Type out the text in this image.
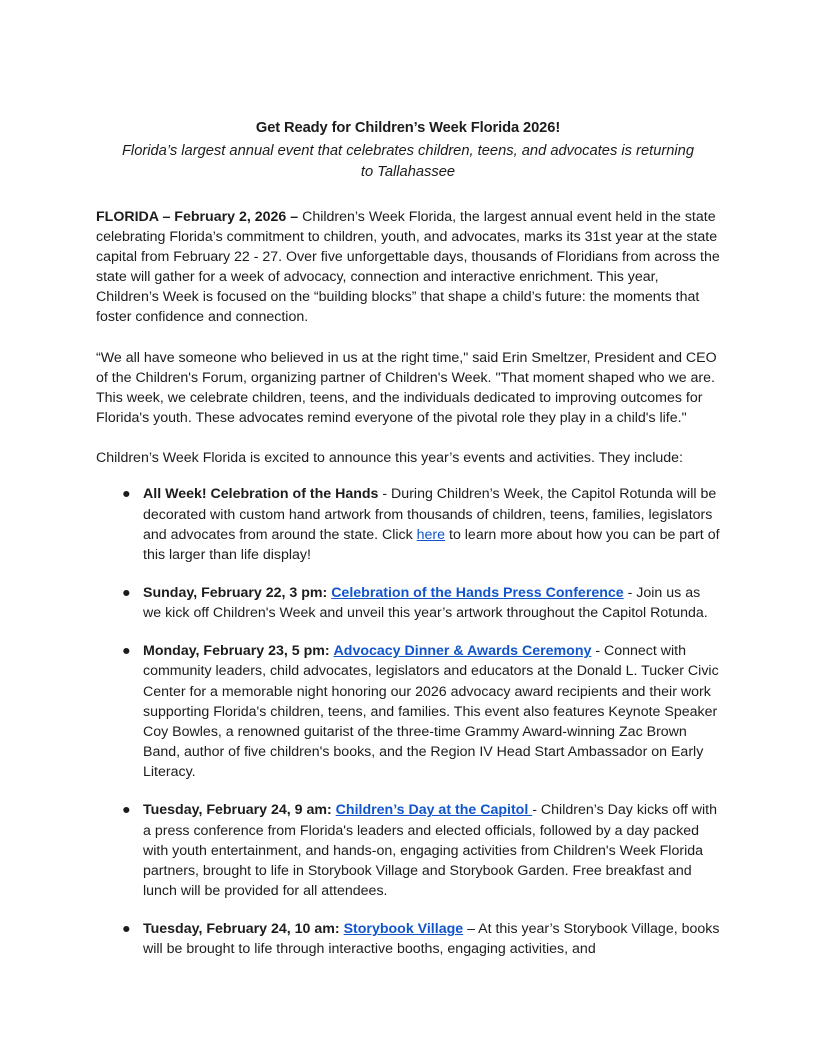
Get Ready for Children’s Week Florida 2026!
Florida’s largest annual event that celebrates children, teens, and advocates is returning to Tallahassee

FLORIDA – February 2, 2026 – Children’s Week Florida, the largest annual event held in the state celebrating Florida’s commitment to children, youth, and advocates, marks its 31st year at the state capital from February 22 - 27. Over five unforgettable days, thousands of Floridians from across the state will gather for a week of advocacy, connection and interactive enrichment. This year, Children’s Week is focused on the “building blocks” that shape a child’s future: the moments that foster confidence and connection.

“We all have someone who believed in us at the right time," said Erin Smeltzer, President and CEO of the Children's Forum, organizing partner of Children's Week. "That moment shaped who we are. This week, we celebrate children, teens, and the individuals dedicated to improving outcomes for Florida's youth. These advocates remind everyone of the pivotal role they play in a child's life."

Children’s Week Florida is excited to announce this year’s events and activities. They include:

● All Week! Celebration of the Hands - During Children’s Week, the Capitol Rotunda will be decorated with custom hand artwork from thousands of children, teens, families, legislators and advocates from around the state. Click here to learn more about how you can be part of this larger than life display!
● Sunday, February 22, 3 pm: Celebration of the Hands Press Conference - Join us as we kick off Children's Week and unveil this year’s artwork throughout the Capitol Rotunda.
● Monday, February 23, 5 pm: Advocacy Dinner & Awards Ceremony - Connect with community leaders, child advocates, legislators and educators at the Donald L. Tucker Civic Center for a memorable night honoring our 2026 advocacy award recipients and their work supporting Florida's children, teens, and families. This event also features Keynote Speaker Coy Bowles, a renowned guitarist of the three-time Grammy Award-winning Zac Brown Band, author of five children's books, and the Region IV Head Start Ambassador on Early Literacy.
● Tuesday, February 24, 9 am: Children’s Day at the Capitol - Children’s Day kicks off with a press conference from Florida's leaders and elected officials, followed by a day packed with youth entertainment, and hands-on, engaging activities from Children's Week Florida partners, brought to life in Storybook Village and Storybook Garden. Free breakfast and lunch will be provided for all attendees.
● Tuesday, February 24, 10 am: Storybook Village – At this year’s Storybook Village, books will be brought to life through interactive booths, engaging activities, and
